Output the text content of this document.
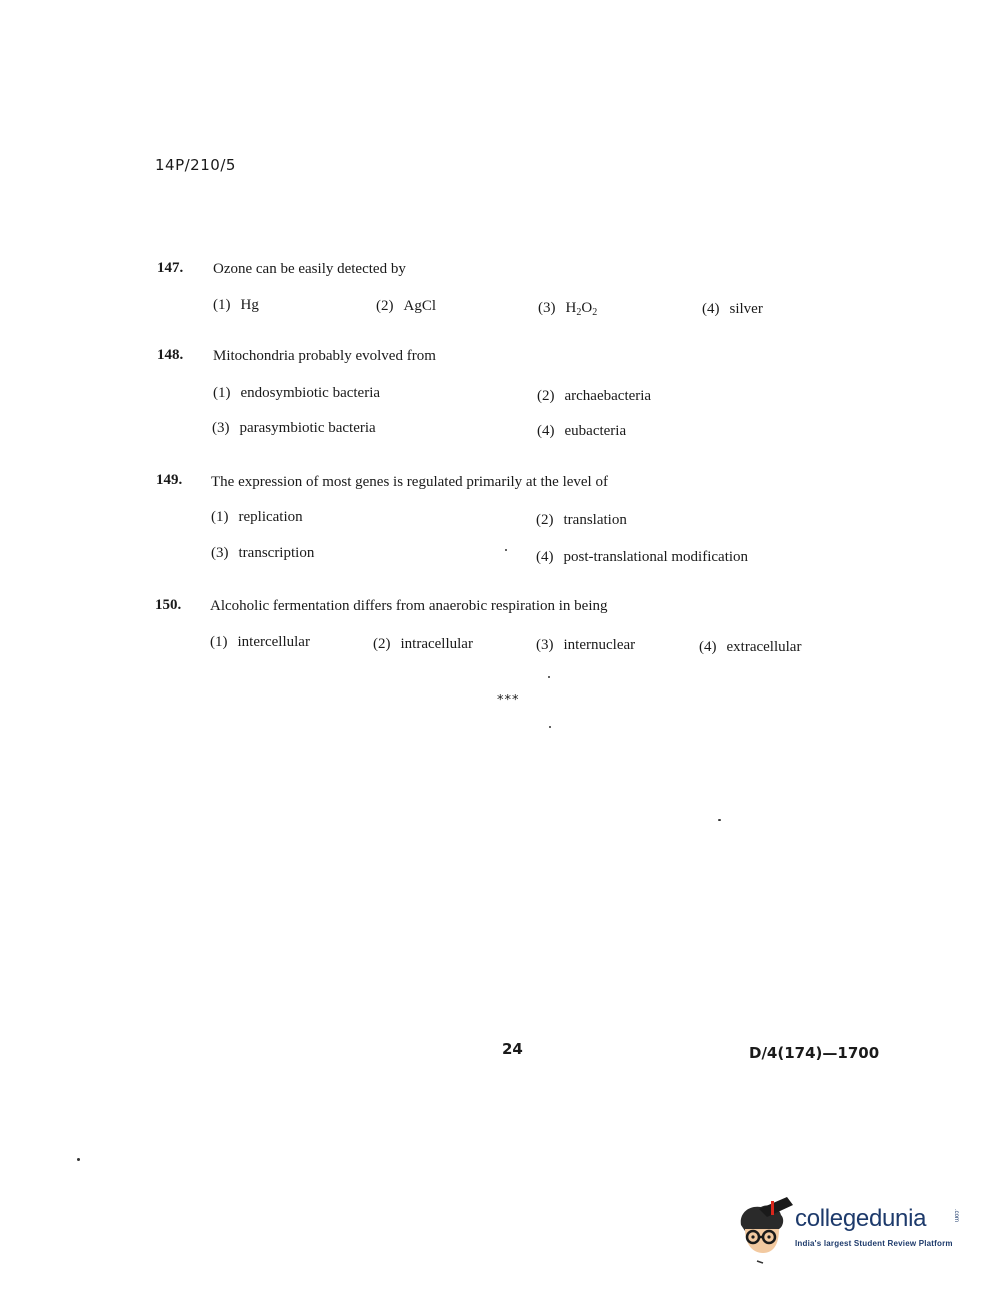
14P/210/5
147. Ozone can be easily detected by
(1) Hg	(2) AgCl	(3) $H_2O_2$	(4) silver
148. Mitochondria probably evolved from
(1) endosymbiotic bacteria	(2) archaebacteria
(3) parasymbiotic bacteria	(4) eubacteria
149. The expression of most genes is regulated primarily at the level of
(1) replication	(2) translation
(3) transcription	(4) post-translational modification
150. Alcoholic fermentation differs from anaerobic respiration in being
(1) intercellular	(2) intracellular	(3) internuclear	(4) extracellular
***
24	D/4(174)—1700
collegedunia	.com
India's largest Student Review Platform
